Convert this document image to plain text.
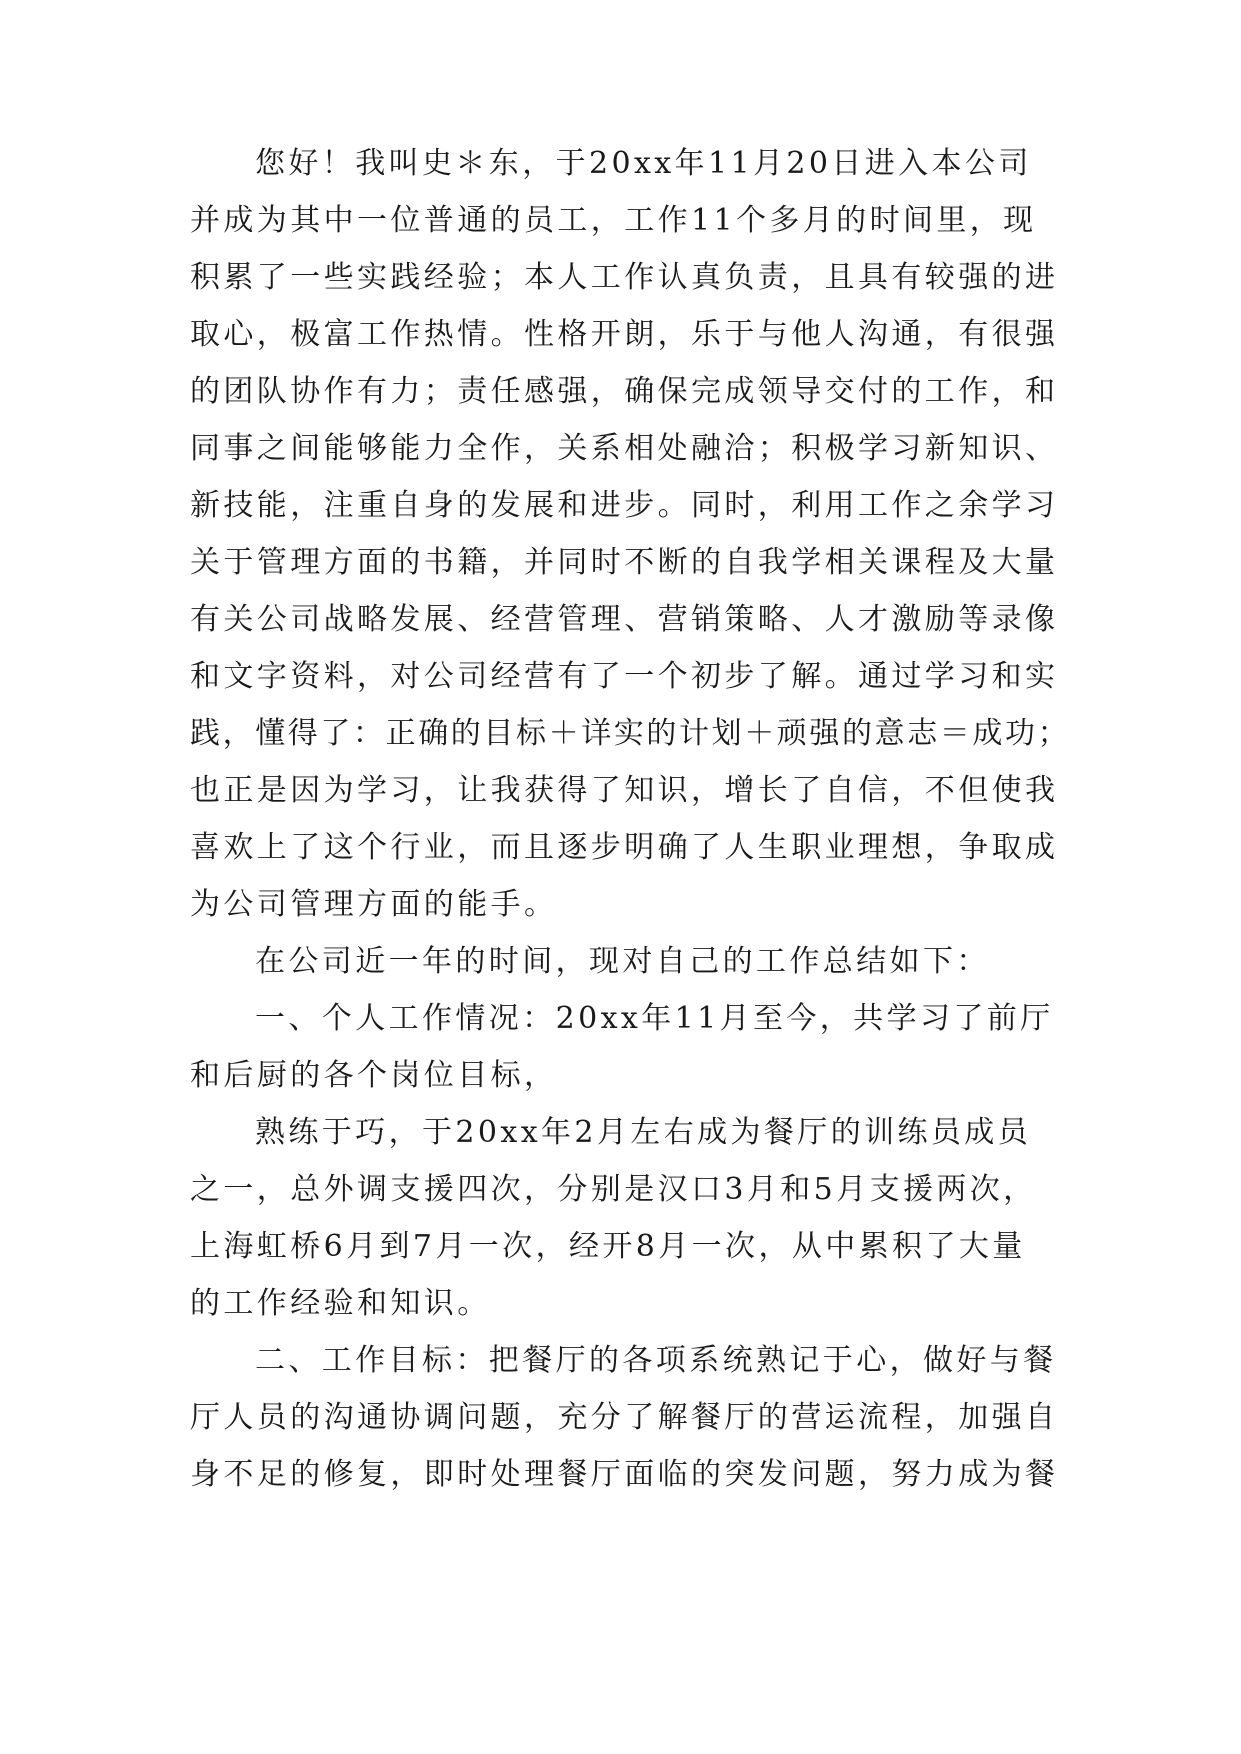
您好！我叫史＊东，于20xx年11月20日进入本公司
并成为其中一位普通的员工，工作11个多月的时间里，现
积累了一些实践经验；本人工作认真负责，且具有较强的进
取心，极富工作热情。性格开朗，乐于与他人沟通，有很强
的团队协作有力；责任感强，确保完成领导交付的工作，和
同事之间能够能力全作，关系相处融洽；积极学习新知识、
新技能，注重自身的发展和进步。同时，利用工作之余学习
关于管理方面的书籍，并同时不断的自我学相关课程及大量
有关公司战略发展、经营管理、营销策略、人才激励等录像
和文字资料，对公司经营有了一个初步了解。通过学习和实
践，懂得了：正确的目标＋详实的计划＋顽强的意志＝成功；
也正是因为学习，让我获得了知识，增长了自信，不但使我
喜欢上了这个行业，而且逐步明确了人生职业理想，争取成
为公司管理方面的能手。
在公司近一年的时间，现对自己的工作总结如下：
一、个人工作情况：20xx年11月至今，共学习了前厅
和后厨的各个岗位目标，
熟练于巧，于20xx年2月左右成为餐厅的训练员成员
之一，总外调支援四次，分别是汉口3月和5月支援两次，
上海虹桥6月到7月一次，经开8月一次，从中累积了大量
的工作经验和知识。
二、工作目标：把餐厅的各项系统熟记于心，做好与餐
厅人员的沟通协调问题，充分了解餐厅的营运流程，加强自
身不足的修复，即时处理餐厅面临的突发问题，努力成为餐
